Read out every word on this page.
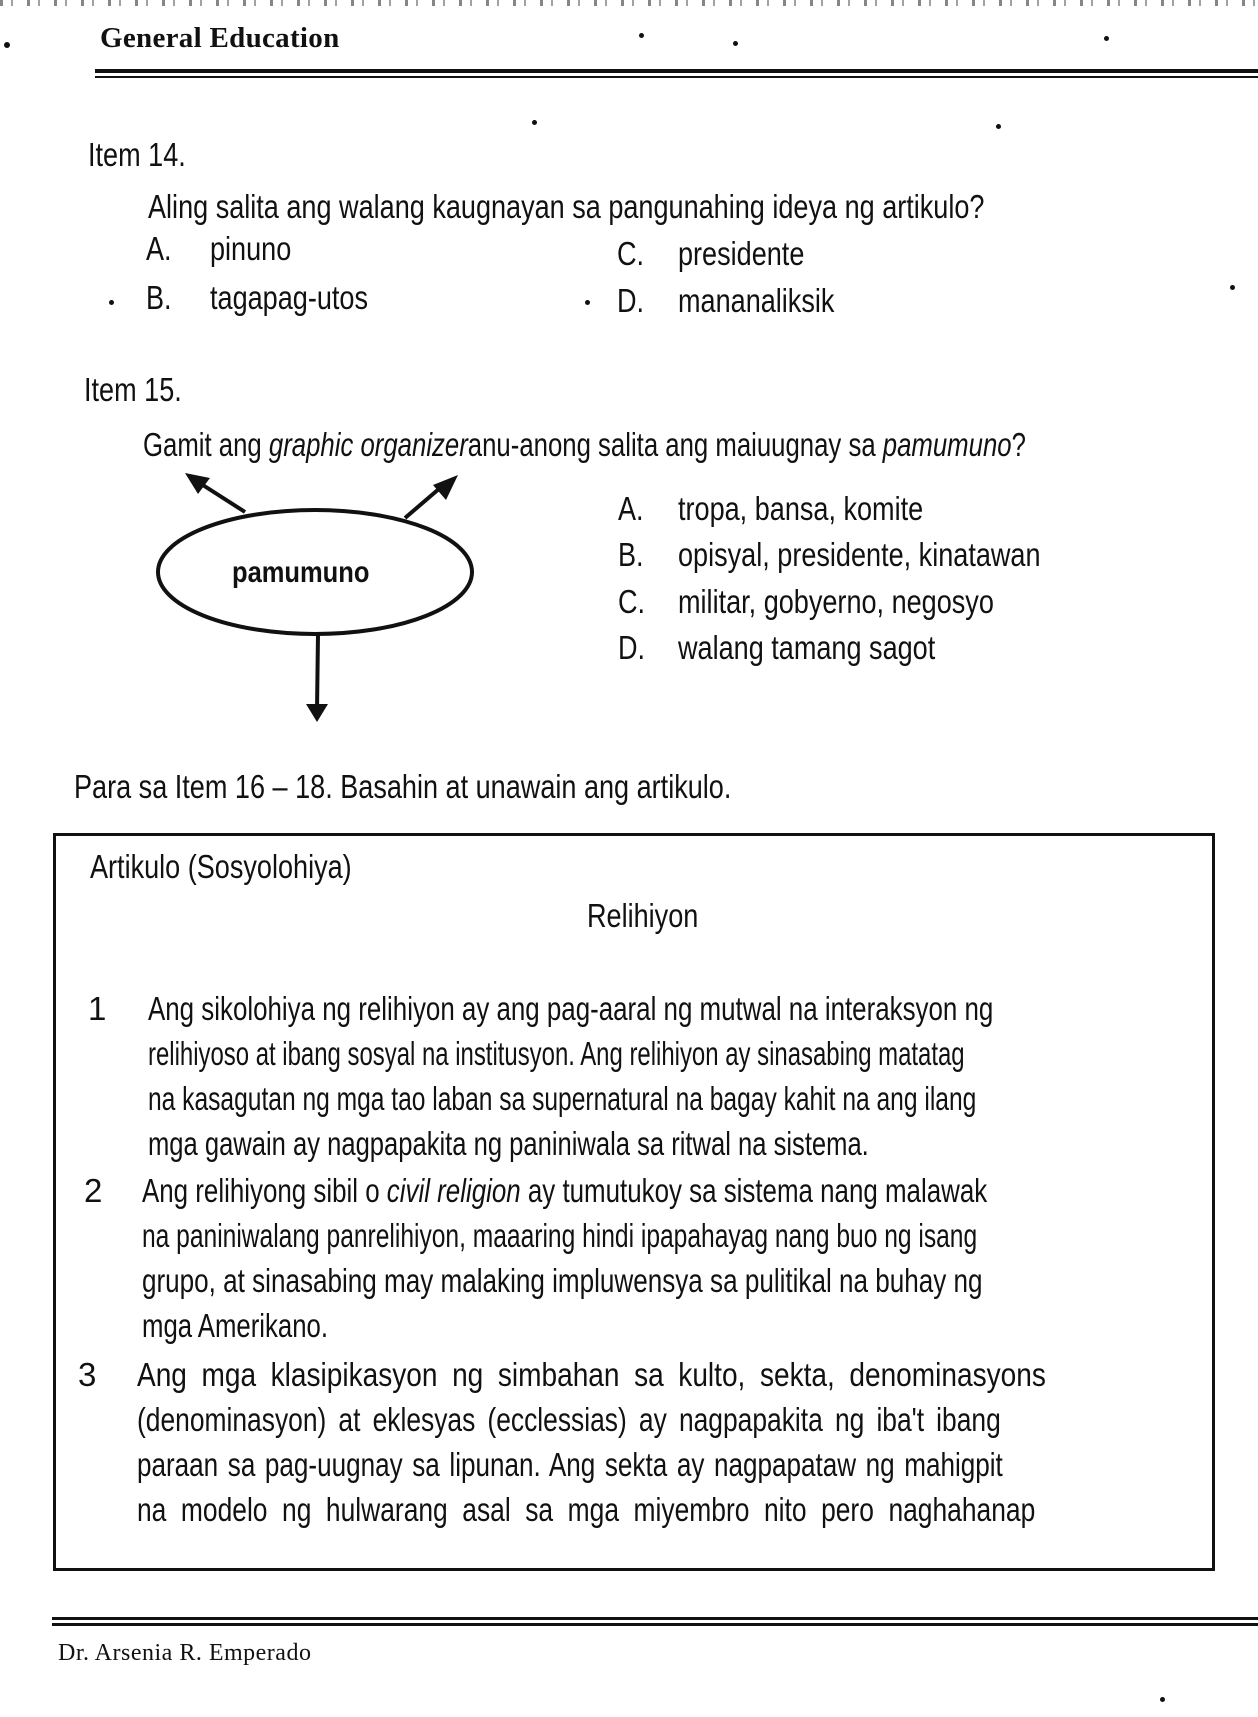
General Education
Item 14.
Aling salita ang walang kaugnayan sa pangunahing ideya ng artikulo?
A. pinuno
B. tagapag-utos
C. presidente
D. mananaliksik
Item 15.
Gamit ang graphic organizeranu-anong salita ang maiuugnay sa pamumuno?
pamumuno
A. tropa, bansa, komite
B. opisyal, presidente, kinatawan
C. militar, gobyerno, negosyo
D. walang tamang sagot
Para sa Item 16 – 18. Basahin at unawain ang artikulo.
Artikulo (Sosyolohiya)
Relihiyon
1 Ang sikolohiya ng relihiyon ay ang pag-aaral ng mutwal na interaksyon ng
relihiyoso at ibang sosyal na institusyon. Ang relihiyon ay sinasabing matatag
na kasagutan ng mga tao laban sa supernatural na bagay kahit na ang ilang
mga gawain ay nagpapakita ng paniniwala sa ritwal na sistema.
2 Ang relihiyong sibil o civil religion ay tumutukoy sa sistema nang malawak
na paniniwalang panrelihiyon, maaaring hindi ipapahayag nang buo ng isang
grupo, at sinasabing may malaking impluwensya sa pulitikal na buhay ng
mga Amerikano.
3 Ang mga klasipikasyon ng simbahan sa kulto, sekta, denominasyons
(denominasyon) at eklesyas (ecclessias) ay nagpapakita ng iba't ibang
paraan sa pag-uugnay sa lipunan. Ang sekta ay nagpapataw ng mahigpit
na modelo ng hulwarang asal sa mga miyembro nito pero naghahanap
Dr. Arsenia R. Emperado
